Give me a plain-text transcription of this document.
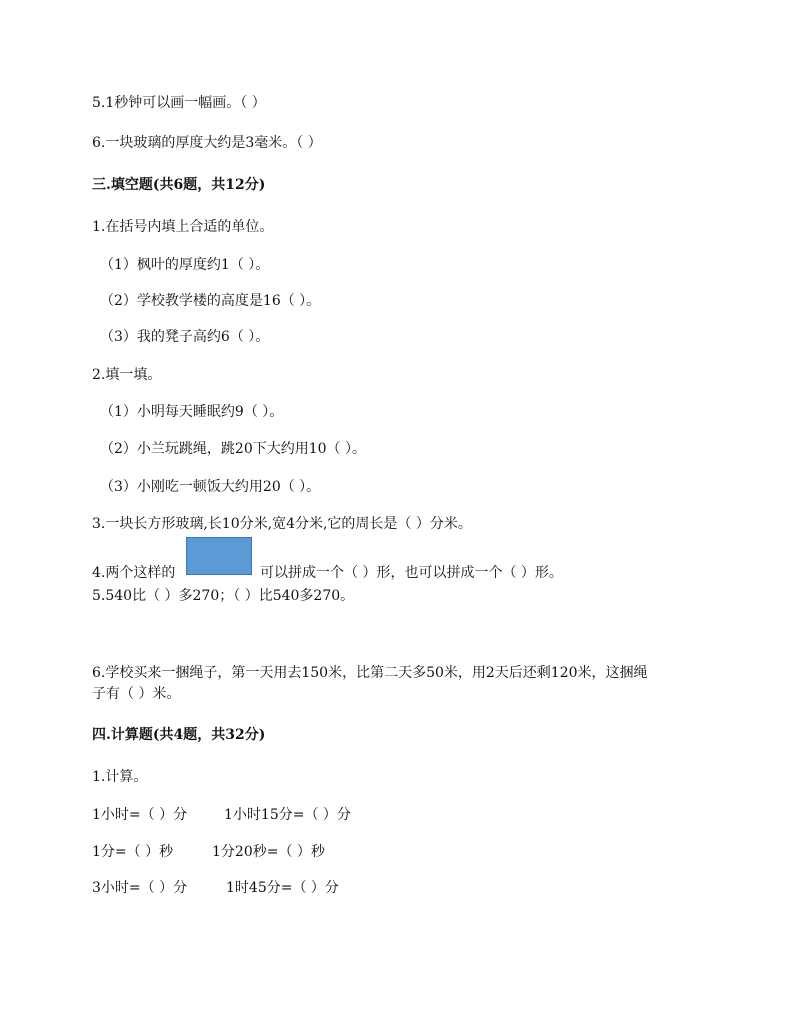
5.1秒钟可以画一幅画。（ ）
6.一块玻璃的厚度大约是3毫米。（ ）
三.填空题(共6题，共12分)
1.在括号内填上合适的单位。
（1）枫叶的厚度约1（ ）。
（2）学校教学楼的高度是16（ ）。
（3）我的凳子高约6（ ）。
2.填一填。
（1）小明每天睡眠约9（ ）。
（2）小兰玩跳绳，跳20下大约用10（ ）。
（3）小刚吃一顿饭大约用20（ ）。
3.一块长方形玻璃,长10分米,宽4分米,它的周长是（ ）分米。
4.两个这样的	可以拼成一个（ ）形，也可以拼成一个（ ）形。
5.540比（ ）多270；（ ）比540多270。
6.学校买来一捆绳子，第一天用去150米，比第二天多50米，用2天后还剩120米，这捆绳
子有（ ）米。
四.计算题(共4题，共32分)
1.计算。
1小时=（ ）分	1小时15分=（ ）分
1分=（ ）秒	1分20秒=（ ）秒
3小时=（ ）分	1时45分=（ ）分
